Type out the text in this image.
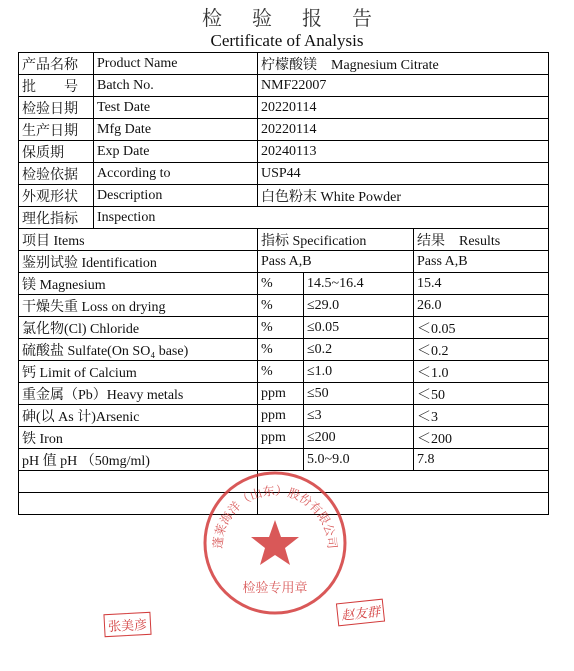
检验报告
Certificate of Analysis
产品名称	Product Name	柠檬酸镁　Magnesium Citrate		
批　　号	Batch No.	NMF22007		
检验日期	Test Date	20220114		
生产日期	Mfg Date	20220114		
保质期	Exp Date	20240113		
检验依据	According to	USP44		
外观形状	Description	白色粉末 White Powder		
理化指标	Inspection			
项目 Items		指标 Specification		结果 Results
鉴别试验 Identification		Pass A,B		Pass A,B
镁 Magnesium		%	14.5~16.4	15.4
干燥失重 Loss on drying		%	≤29.0	26.0
氯化物(Cl) Chloride		%	≤0.05	＜0.05
硫酸盐 Sulfate(On SO₄ base)		%	≤0.2	＜0.2
钙 Limit of Calcium		%	≤1.0	＜1.0
重金属（Pb）Heavy metals		ppm	≤50	＜50
砷(以 As 计)Arsenic		ppm	≤3	＜3
铁 Iron		ppm	≤200	＜200
pH 值 pH （50mg/ml)			5.0~9.0	7.8

张美彦
赵友群
蓬莱海洋（山东）股份有限公司
检验专用章
